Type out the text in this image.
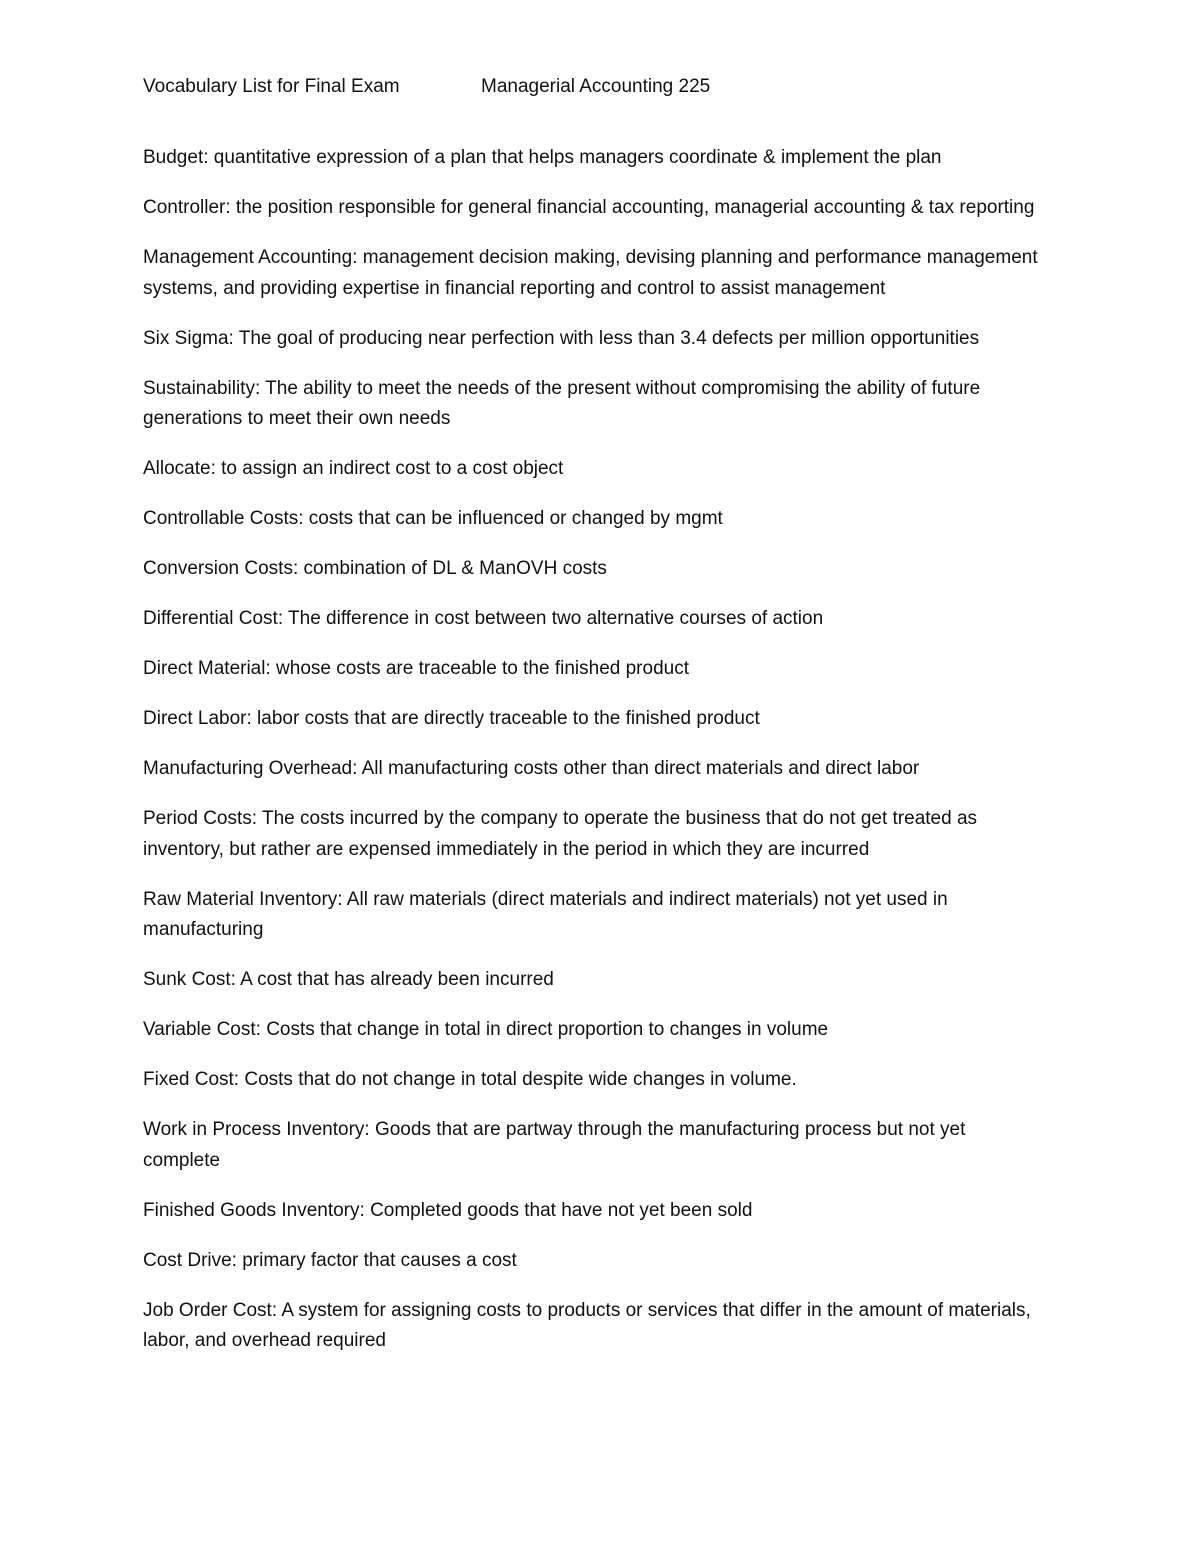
Vocabulary List for Final Exam	Managerial Accounting 225
Budget: quantitative expression of a plan that helps managers coordinate & implement the plan
Controller: the position responsible for general financial accounting, managerial accounting & tax reporting
Management Accounting: management decision making, devising planning and performance management systems, and providing expertise in financial reporting and control to assist management
Six Sigma: The goal of producing near perfection with less than 3.4 defects per million opportunities
Sustainability: The ability to meet the needs of the present without compromising the ability of future generations to meet their own needs
Allocate: to assign an indirect cost to a cost object
Controllable Costs: costs that can be influenced or changed by mgmt
Conversion Costs: combination of DL & ManOVH costs
Differential Cost: The difference in cost between two alternative courses of action
Direct Material: whose costs are traceable to the finished product
Direct Labor: labor costs that are directly traceable to the finished product
Manufacturing Overhead: All manufacturing costs other than direct materials and direct labor
Period Costs: The costs incurred by the company to operate the business that do not get treated as inventory, but rather are expensed immediately in the period in which they are incurred
Raw Material Inventory: All raw materials (direct materials and indirect materials) not yet used in manufacturing
Sunk Cost: A cost that has already been incurred
Variable Cost: Costs that change in total in direct proportion to changes in volume
Fixed Cost: Costs that do not change in total despite wide changes in volume.
Work in Process Inventory: Goods that are partway through the manufacturing process but not yet complete
Finished Goods Inventory: Completed goods that have not yet been sold
Cost Drive: primary factor that causes a cost
Job Order Cost: A system for assigning costs to products or services that differ in the amount of materials, labor, and overhead required
